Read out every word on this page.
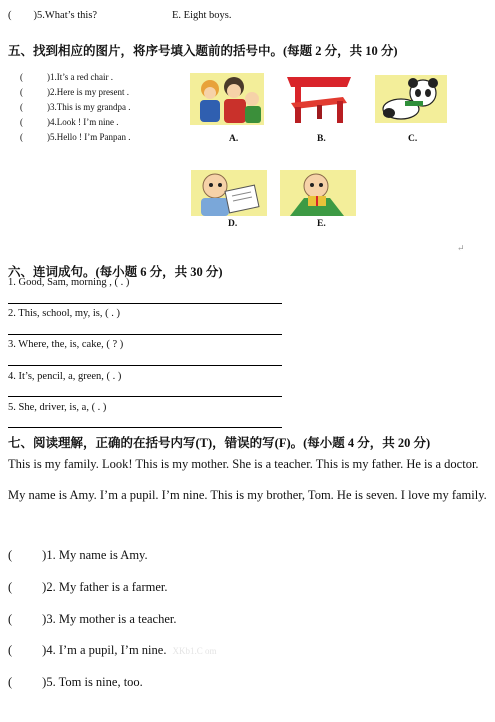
( )5.What’s this?	E. Eight boys.
五、找到相应的图片，将序号填入题前的括号中。(每题 2 分，共 10 分)
(	)1.It’s a red chair .
(	)2.Here is my present .
(	)3.This is my grandpa .
(	)4.Look ! I’m nine .
(	)5.Hello ! I’m Panpan .	A.	B.	C.
D.	E.
↵
六、连词成句。(每小题 6 分，共 30 分)
1. Good, Sam, morning , ( . )
2. This, school, my, is, ( . )
3. Where, the, is, cake, ( ? )
4. It’s, pencil, a, green, ( . )
5. She, driver, is, a, ( . )
七、阅读理解，正确的在括号内写(T)，错误的写(F)。(每小题 4 分，共 20 分)
This is my family. Look! This is my mother. She is a teacher. This is my father. He is a doctor. My name is Amy. I’m a pupil. I’m nine. This is my brother, Tom. He is seven. I love my family.
( )1. My name is Amy.
( )2. My father is a farmer.
( )3. My mother is a teacher.
( )4. I’m a pupil, I’m nine. XKb1.C om
( )5. Tom is nine, too.
